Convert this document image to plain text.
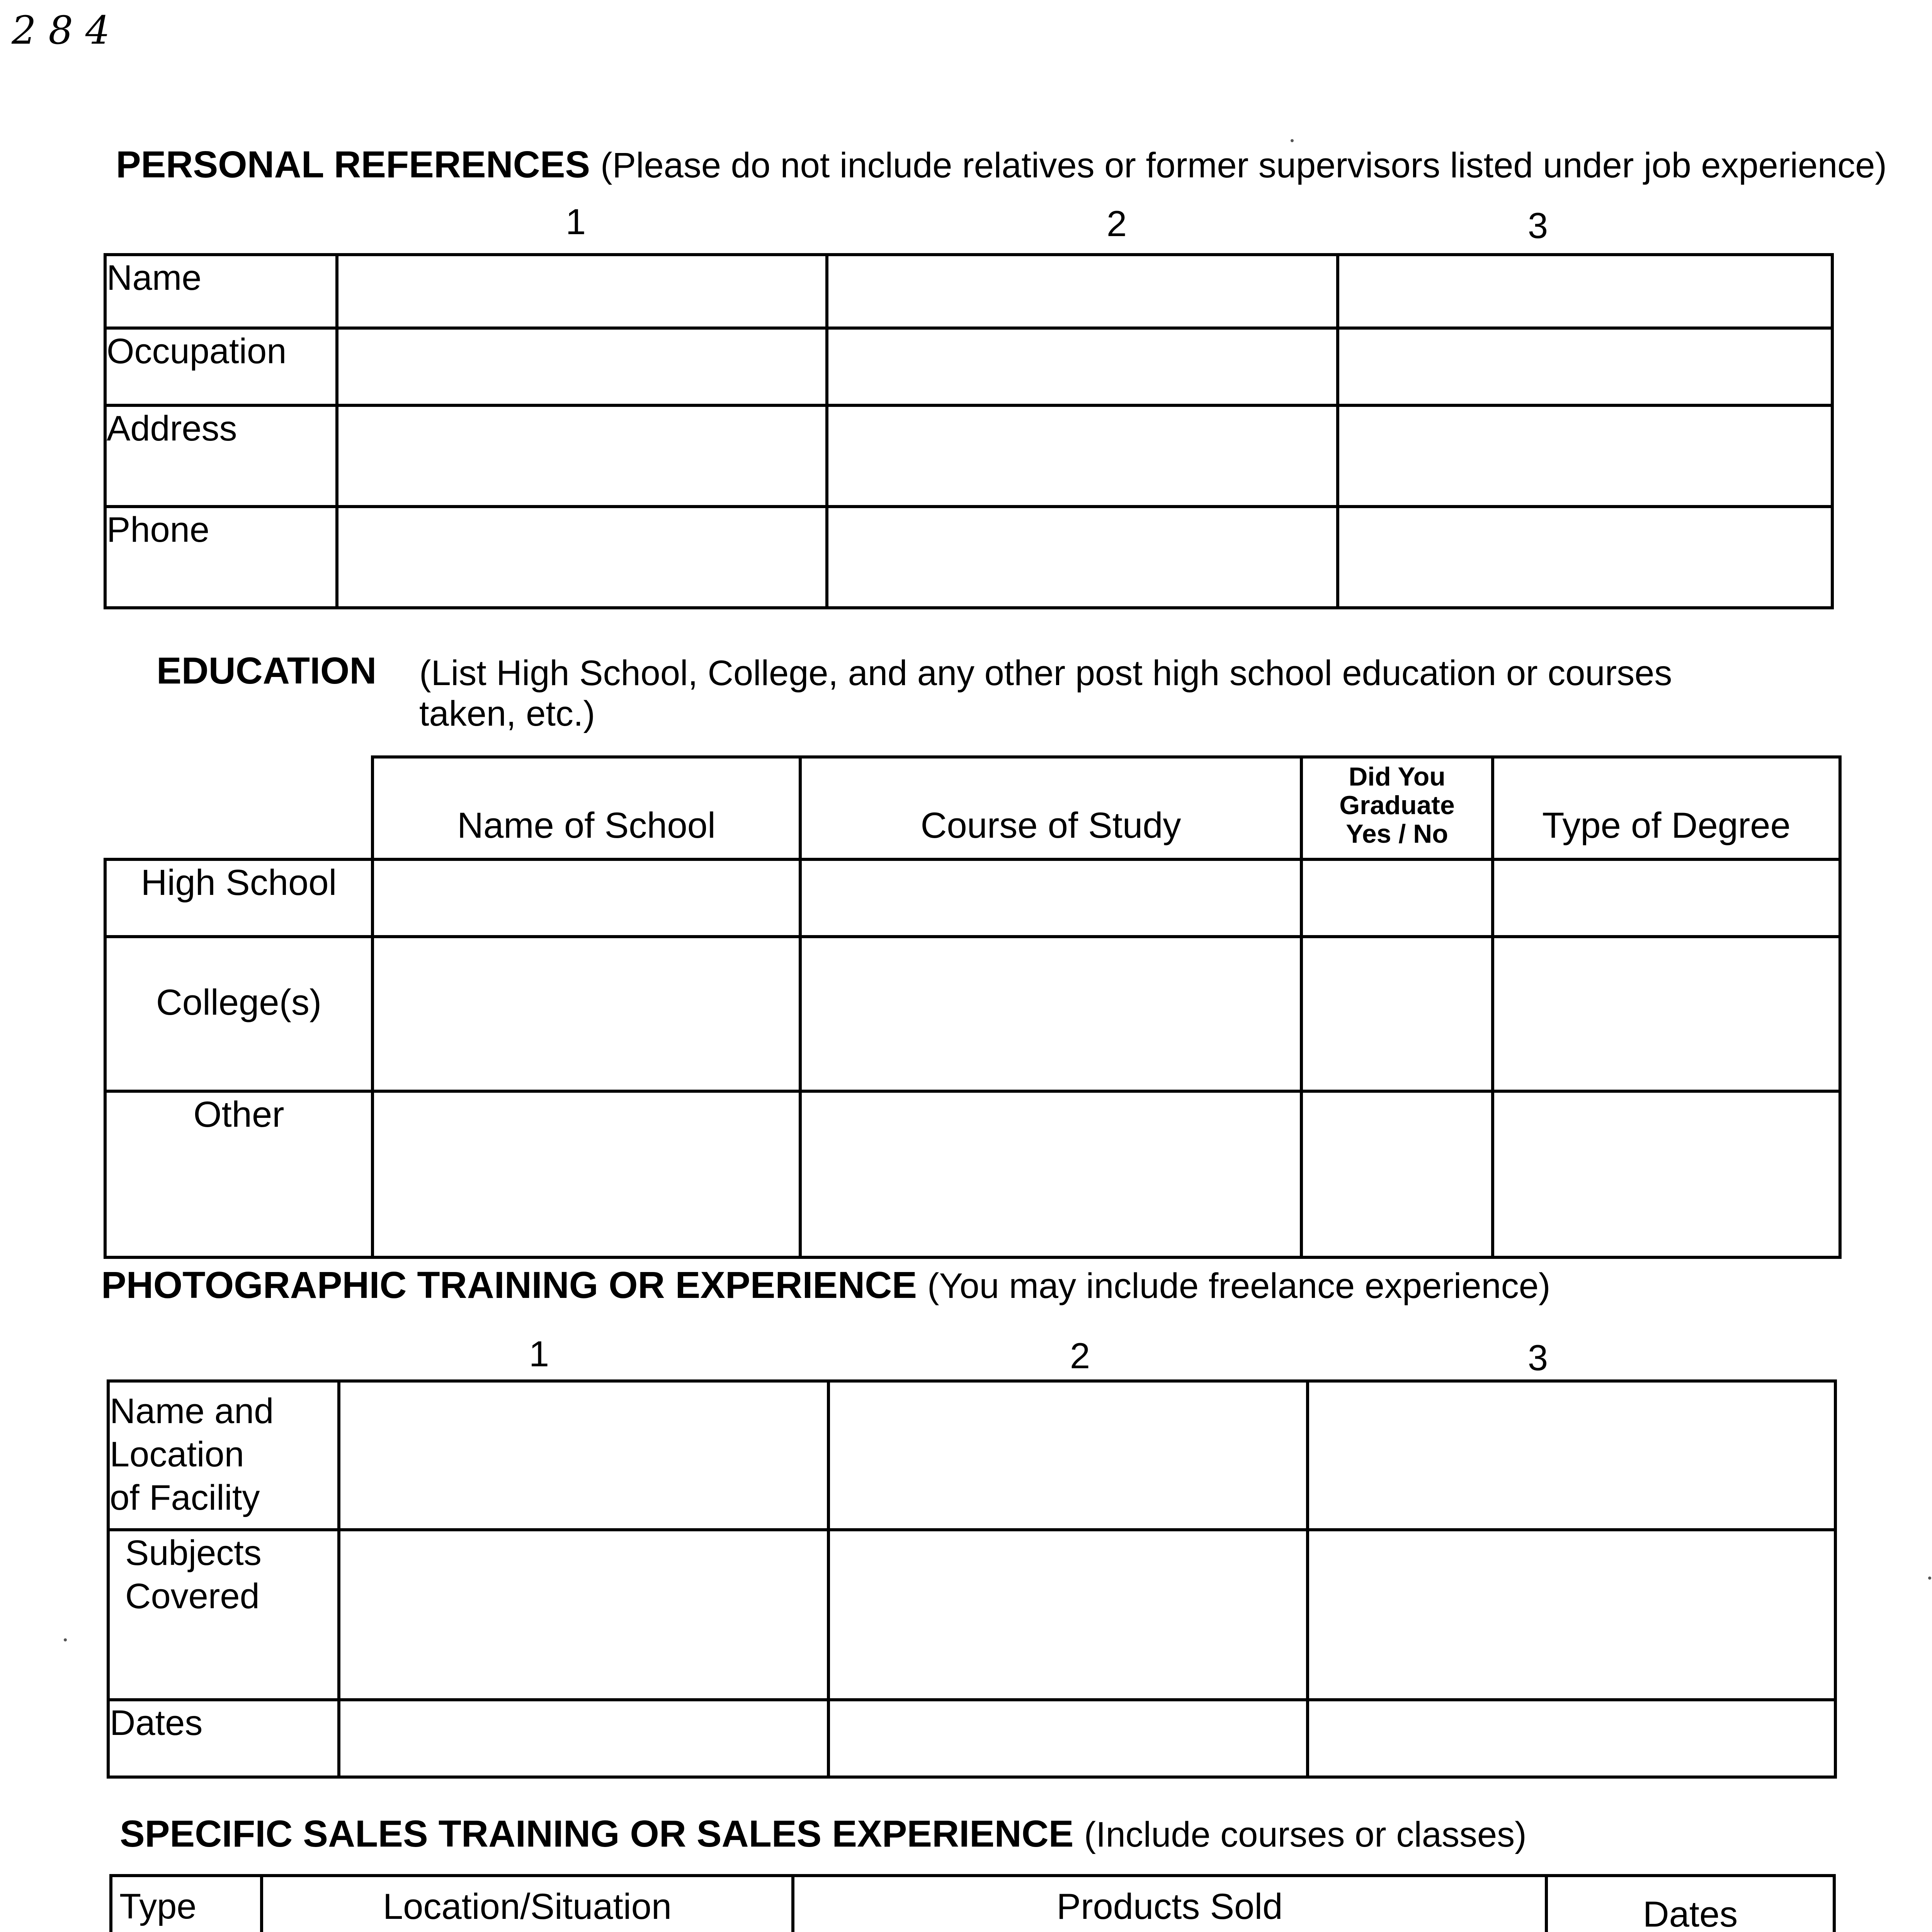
2 8 4
PERSONAL REFERENCES (Please do not include relatives or former supervisors listed under job experience)
1	2	3
Name			
Occupation			
Address			
Phone			
EDUCATION (List High School, College, and any other post high school education or courses
taken, etc.)
	Name of School	Course of Study	Did You
Graduate
Yes / No	Type of Degree
High School				
College(s)				
Other				
PHOTOGRAPHIC TRAINING OR EXPERIENCE (You may include freelance experience)
1	2	3
Name and
Location
of Facility			

Subjects
Covered			

Dates			
SPECIFIC SALES TRAINING OR SALES EXPERIENCE (Include courses or classes)
Type	Location/Situation	Products Sold	Dates
